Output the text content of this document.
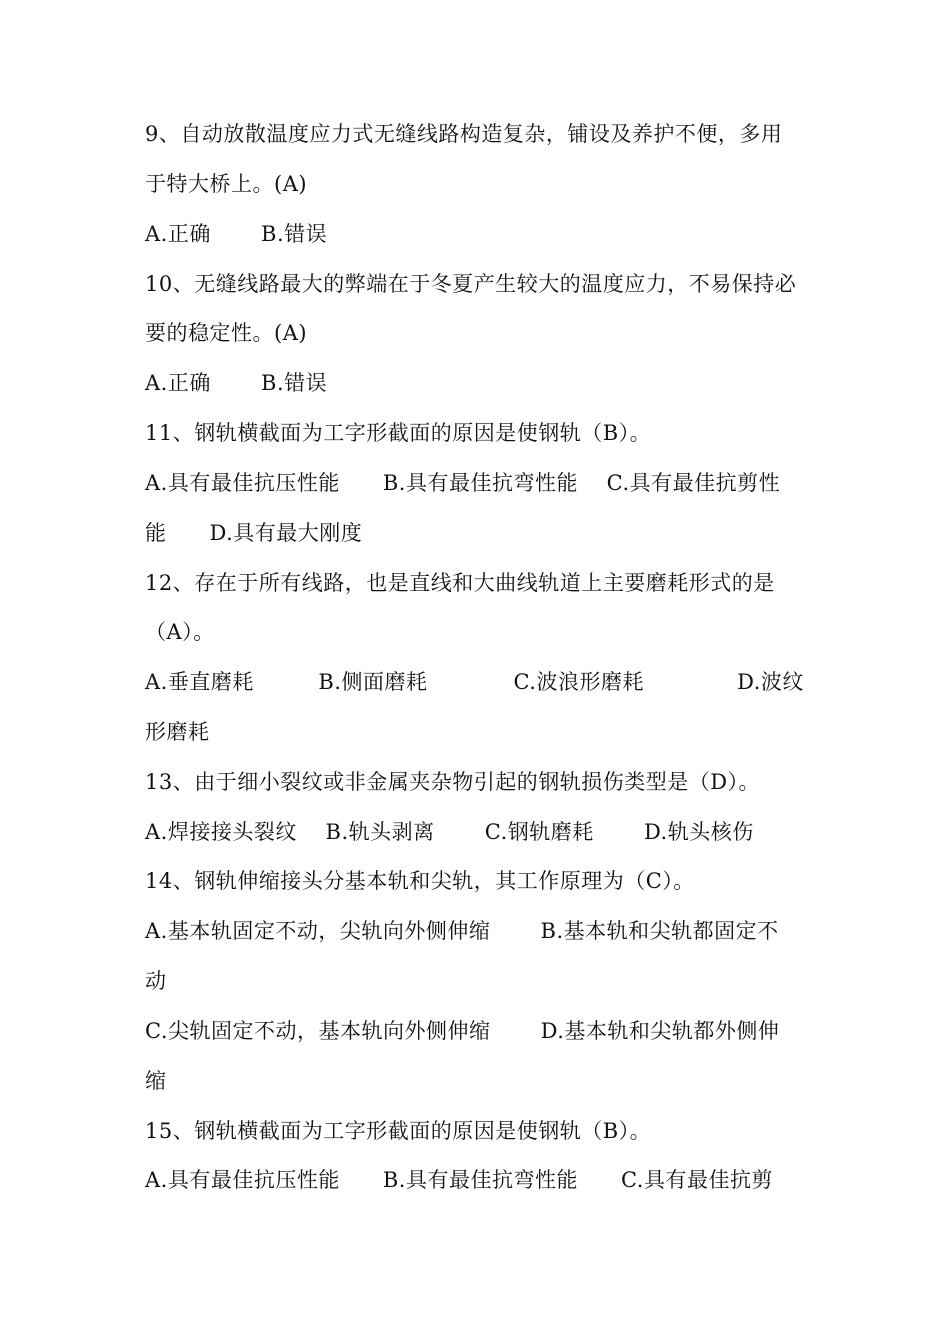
9、自动放散温度应力式无缝线路构造复杂，铺设及养护不便，多用
于特大桥上。(A)
A.正确　　 B.错误
10、无缝线路最大的弊端在于冬夏产生较大的温度应力，不易保持必
要的稳定性。(A)
A.正确　　 B.错误
11、钢轨横截面为工字形截面的原因是使钢轨（B）。
A.具有最佳抗压性能　　B.具有最佳抗弯性能　 C.具有最佳抗剪性
能　　D.具有最大刚度
12、存在于所有线路，也是直线和大曲线轨道上主要磨耗形式的是
（A）。
A.垂直磨耗　　　B.侧面磨耗　　　　C.波浪形磨耗　　　　 D.波纹
形磨耗
13、由于细小裂纹或非金属夹杂物引起的钢轨损伤类型是（D）。
A.焊接接头裂纹　 B.轨头剥离　　 C.钢轨磨耗　　 D.轨头核伤
14、钢轨伸缩接头分基本轨和尖轨，其工作原理为（C）。
A.基本轨固定不动，尖轨向外侧伸缩　　 B.基本轨和尖轨都固定不
动
C.尖轨固定不动，基本轨向外侧伸缩　　 D.基本轨和尖轨都外侧伸
缩
15、钢轨横截面为工字形截面的原因是使钢轨（B）。
A.具有最佳抗压性能　　B.具有最佳抗弯性能　　C.具有最佳抗剪
